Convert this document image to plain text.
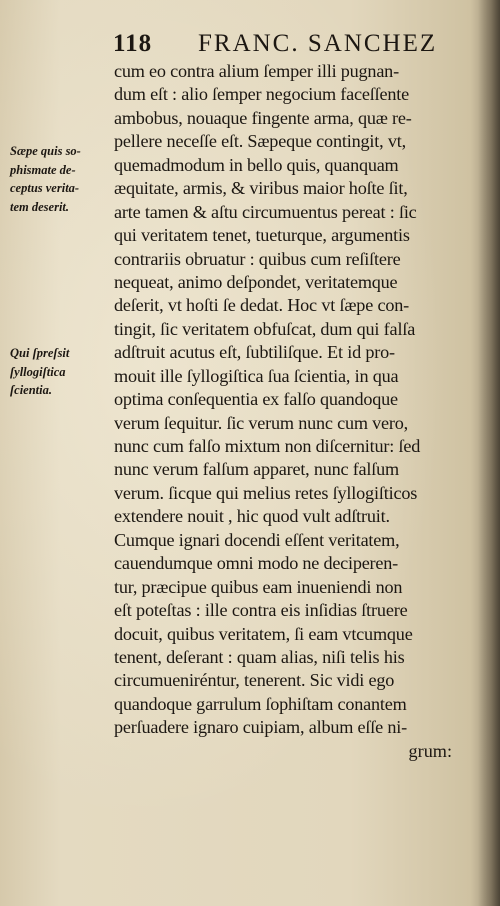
118 FRANC. SANCHEZ
Sæpe quis so-
phismate de-
ceptus verita-
tem deserit.
Qui ſpreſsit
ſyllogiſtica
ſcientia.
cum eo contra alium ſemper illi pugnan-
dum eſt : alio ſemper negocium faceſſente
ambobus, nouaque fingente arma, quæ re-
pellere neceſſe eſt. Sæpeque contingit, vt,
quemadmodum in bello quis, quanquam
æquitate, armis, & viribus maior hoſte ſit,
arte tamen & aſtu circumuentus pereat : ſic
qui veritatem tenet, tueturque, argumentis
contrariis obruatur : quibus cum reſiſtere
nequeat, animo deſpondet, veritatemque
deſerit, vt hoſti ſe dedat. Hoc vt ſæpe con-
tingit, ſic veritatem obfuſcat, dum qui falſa
adſtruit acutus eſt, ſubtiliſque. Et id pro-
mouit ille ſyllogiſtica ſua ſcientia, in qua
optima conſequentia ex falſo quandoque
verum ſequitur. ſic verum nunc cum vero,
nunc cum falſo mixtum non diſcernitur: ſed
nunc verum falſum apparet, nunc falſum
verum. ſicque qui melius retes ſyllogiſticos
extendere nouit , hic quod vult adſtruit.
Cumque ignari docendi eſſent veritatem,
cauendumque omni modo ne deciperen-
tur, præcipue quibus eam inueniendi non
eſt poteſtas : ille contra eis inſidias ſtruere
docuit, quibus veritatem, ſi eam vtcumque
tenent, deſerant : quam alias, niſi telis his
circumueniréntur, tenerent. Sic vidi ego
quandoque garrulum ſophiſtam conantem
perſuadere ignaro cuipiam, album eſſe ni-
grum:
